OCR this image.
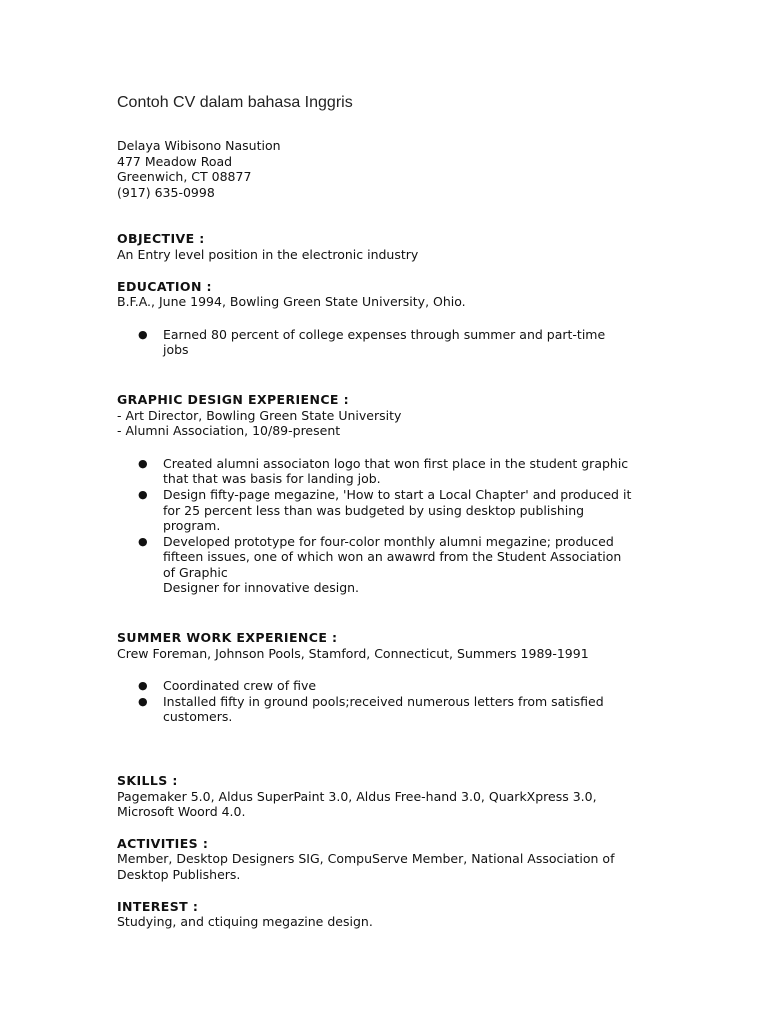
Contoh CV dalam bahasa Inggris
Delaya Wibisono Nasution
477 Meadow Road
Greenwich, CT 08877
(917) 635-0998
OBJECTIVE :
An Entry level position in the electronic industry
EDUCATION :
B.F.A., June 1994, Bowling Green State University, Ohio.
● Earned 80 percent of college expenses through summer and part-time
jobs
GRAPHIC DESIGN EXPERIENCE :
- Art Director, Bowling Green State University
- Alumni Association, 10/89-present
● Created alumni associaton logo that won first place in the student graphic
that that was basis for landing job.
● Design fifty-page megazine, 'How to start a Local Chapter' and produced it
for 25 percent less than was budgeted by using desktop publishing
program.
● Developed prototype for four-color monthly alumni megazine; produced
fifteen issues, one of which won an awawrd from the Student Association
of Graphic
Designer for innovative design.
SUMMER WORK EXPERIENCE :
Crew Foreman, Johnson Pools, Stamford, Connecticut, Summers 1989-1991
● Coordinated crew of five
● Installed fifty in ground pools;received numerous letters from satisfied
customers.
SKILLS :
Pagemaker 5.0, Aldus SuperPaint 3.0, Aldus Free-hand 3.0, QuarkXpress 3.0,
Microsoft Woord 4.0.
ACTIVITIES :
Member, Desktop Designers SIG, CompuServe Member, National Association of
Desktop Publishers.
INTEREST :
Studying, and ctiquing megazine design.
